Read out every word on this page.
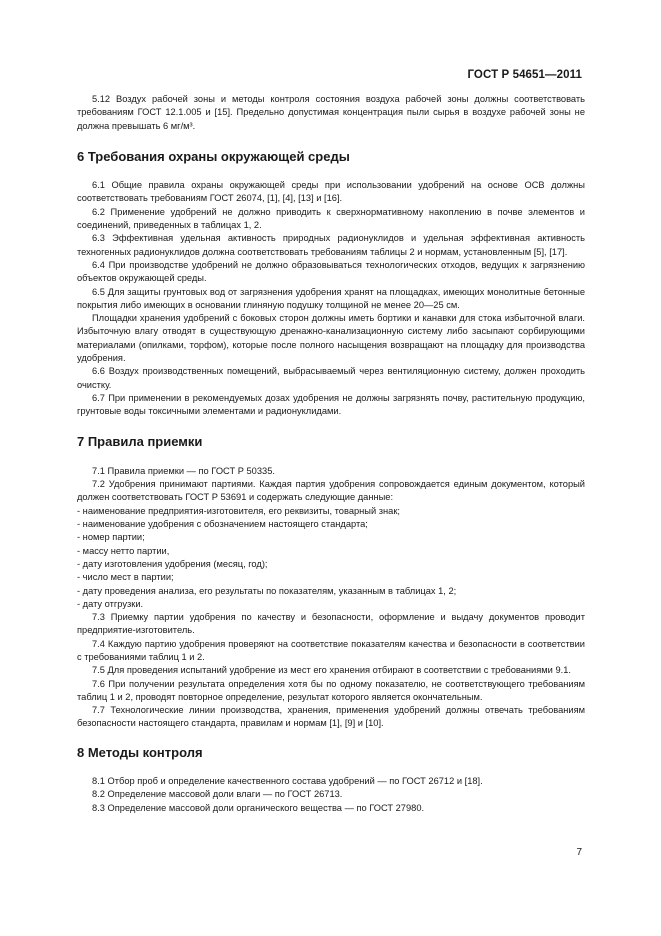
ГОСТ Р 54651—2011

5.12 Воздух рабочей зоны и методы контроля состояния воздуха рабочей зоны должны соответствовать требованиям ГОСТ 12.1.005 и [15]. Предельно допустимая концентрация пыли сырья в воздухе рабочей зоны не должна превышать 6 мг/м³.

6 Требования охраны окружающей среды

6.1 Общие правила охраны окружающей среды при использовании удобрений на основе ОСВ должны соответствовать требованиям ГОСТ 26074, [1], [4], [13] и [16].

6.2 Применение удобрений не должно приводить к сверхнормативному накоплению в почве элементов и соединений, приведенных в таблицах 1, 2.

6.3 Эффективная удельная активность природных радионуклидов и удельная эффективная активность техногенных радионуклидов должна соответствовать требованиям таблицы 2 и нормам, установленным [5], [17].

6.4 При производстве удобрений не должно образовываться технологических отходов, ведущих к загрязнению объектов окружающей среды.

6.5 Для защиты грунтовых вод от загрязнения удобрения хранят на площадках, имеющих монолитные бетонные покрытия либо имеющих в основании глиняную подушку толщиной не менее 20—25 см.

Площадки хранения удобрений с боковых сторон должны иметь бортики и канавки для стока избыточной влаги. Избыточную влагу отводят в существующую дренажно-канализационную систему либо засыпают сорбирующими материалами (опилками, торфом), которые после полного насыщения возвращают на площадку для производства удобрения.

6.6 Воздух производственных помещений, выбрасываемый через вентиляционную систему, должен проходить очистку.

6.7 При применении в рекомендуемых дозах удобрения не должны загрязнять почву, растительную продукцию, грунтовые воды токсичными элементами и радионуклидами.

7 Правила приемки

7.1 Правила приемки — по ГОСТ Р 50335.

7.2 Удобрения принимают партиями. Каждая партия удобрения сопровождается единым документом, который должен соответствовать ГОСТ Р 53691 и содержать следующие данные:

- наименование предприятия-изготовителя, его реквизиты, товарный знак;

- наименование удобрения с обозначением настоящего стандарта;

- номер партии;

- массу нетто партии,

- дату изготовления удобрения (месяц, год);

- число мест в партии;

- дату проведения анализа, его результаты по показателям, указанным в таблицах 1, 2;

- дату отгрузки.

7.3 Приемку партии удобрения по качеству и безопасности, оформление и выдачу документов проводит предприятие-изготовитель.

7.4 Каждую партию удобрения проверяют на соответствие показателям качества и безопасности в соответствии с требованиями таблиц 1 и 2.

7.5 Для проведения испытаний удобрение из мест его хранения отбирают в соответствии с требованиями 9.1.

7.6 При получении результата определения хотя бы по одному показателю, не соответствующего требованиям таблиц 1 и 2, проводят повторное определение, результат которого является окончательным.

7.7 Технологические линии производства, хранения, применения удобрений должны отвечать требованиям безопасности настоящего стандарта, правилам и нормам [1], [9] и [10].

8 Методы контроля

8.1 Отбор проб и определение качественного состава удобрений — по ГОСТ 26712 и [18].

8.2 Определение массовой доли влаги — по ГОСТ 26713.

8.3 Определение массовой доли органического вещества — по ГОСТ 27980.

7
